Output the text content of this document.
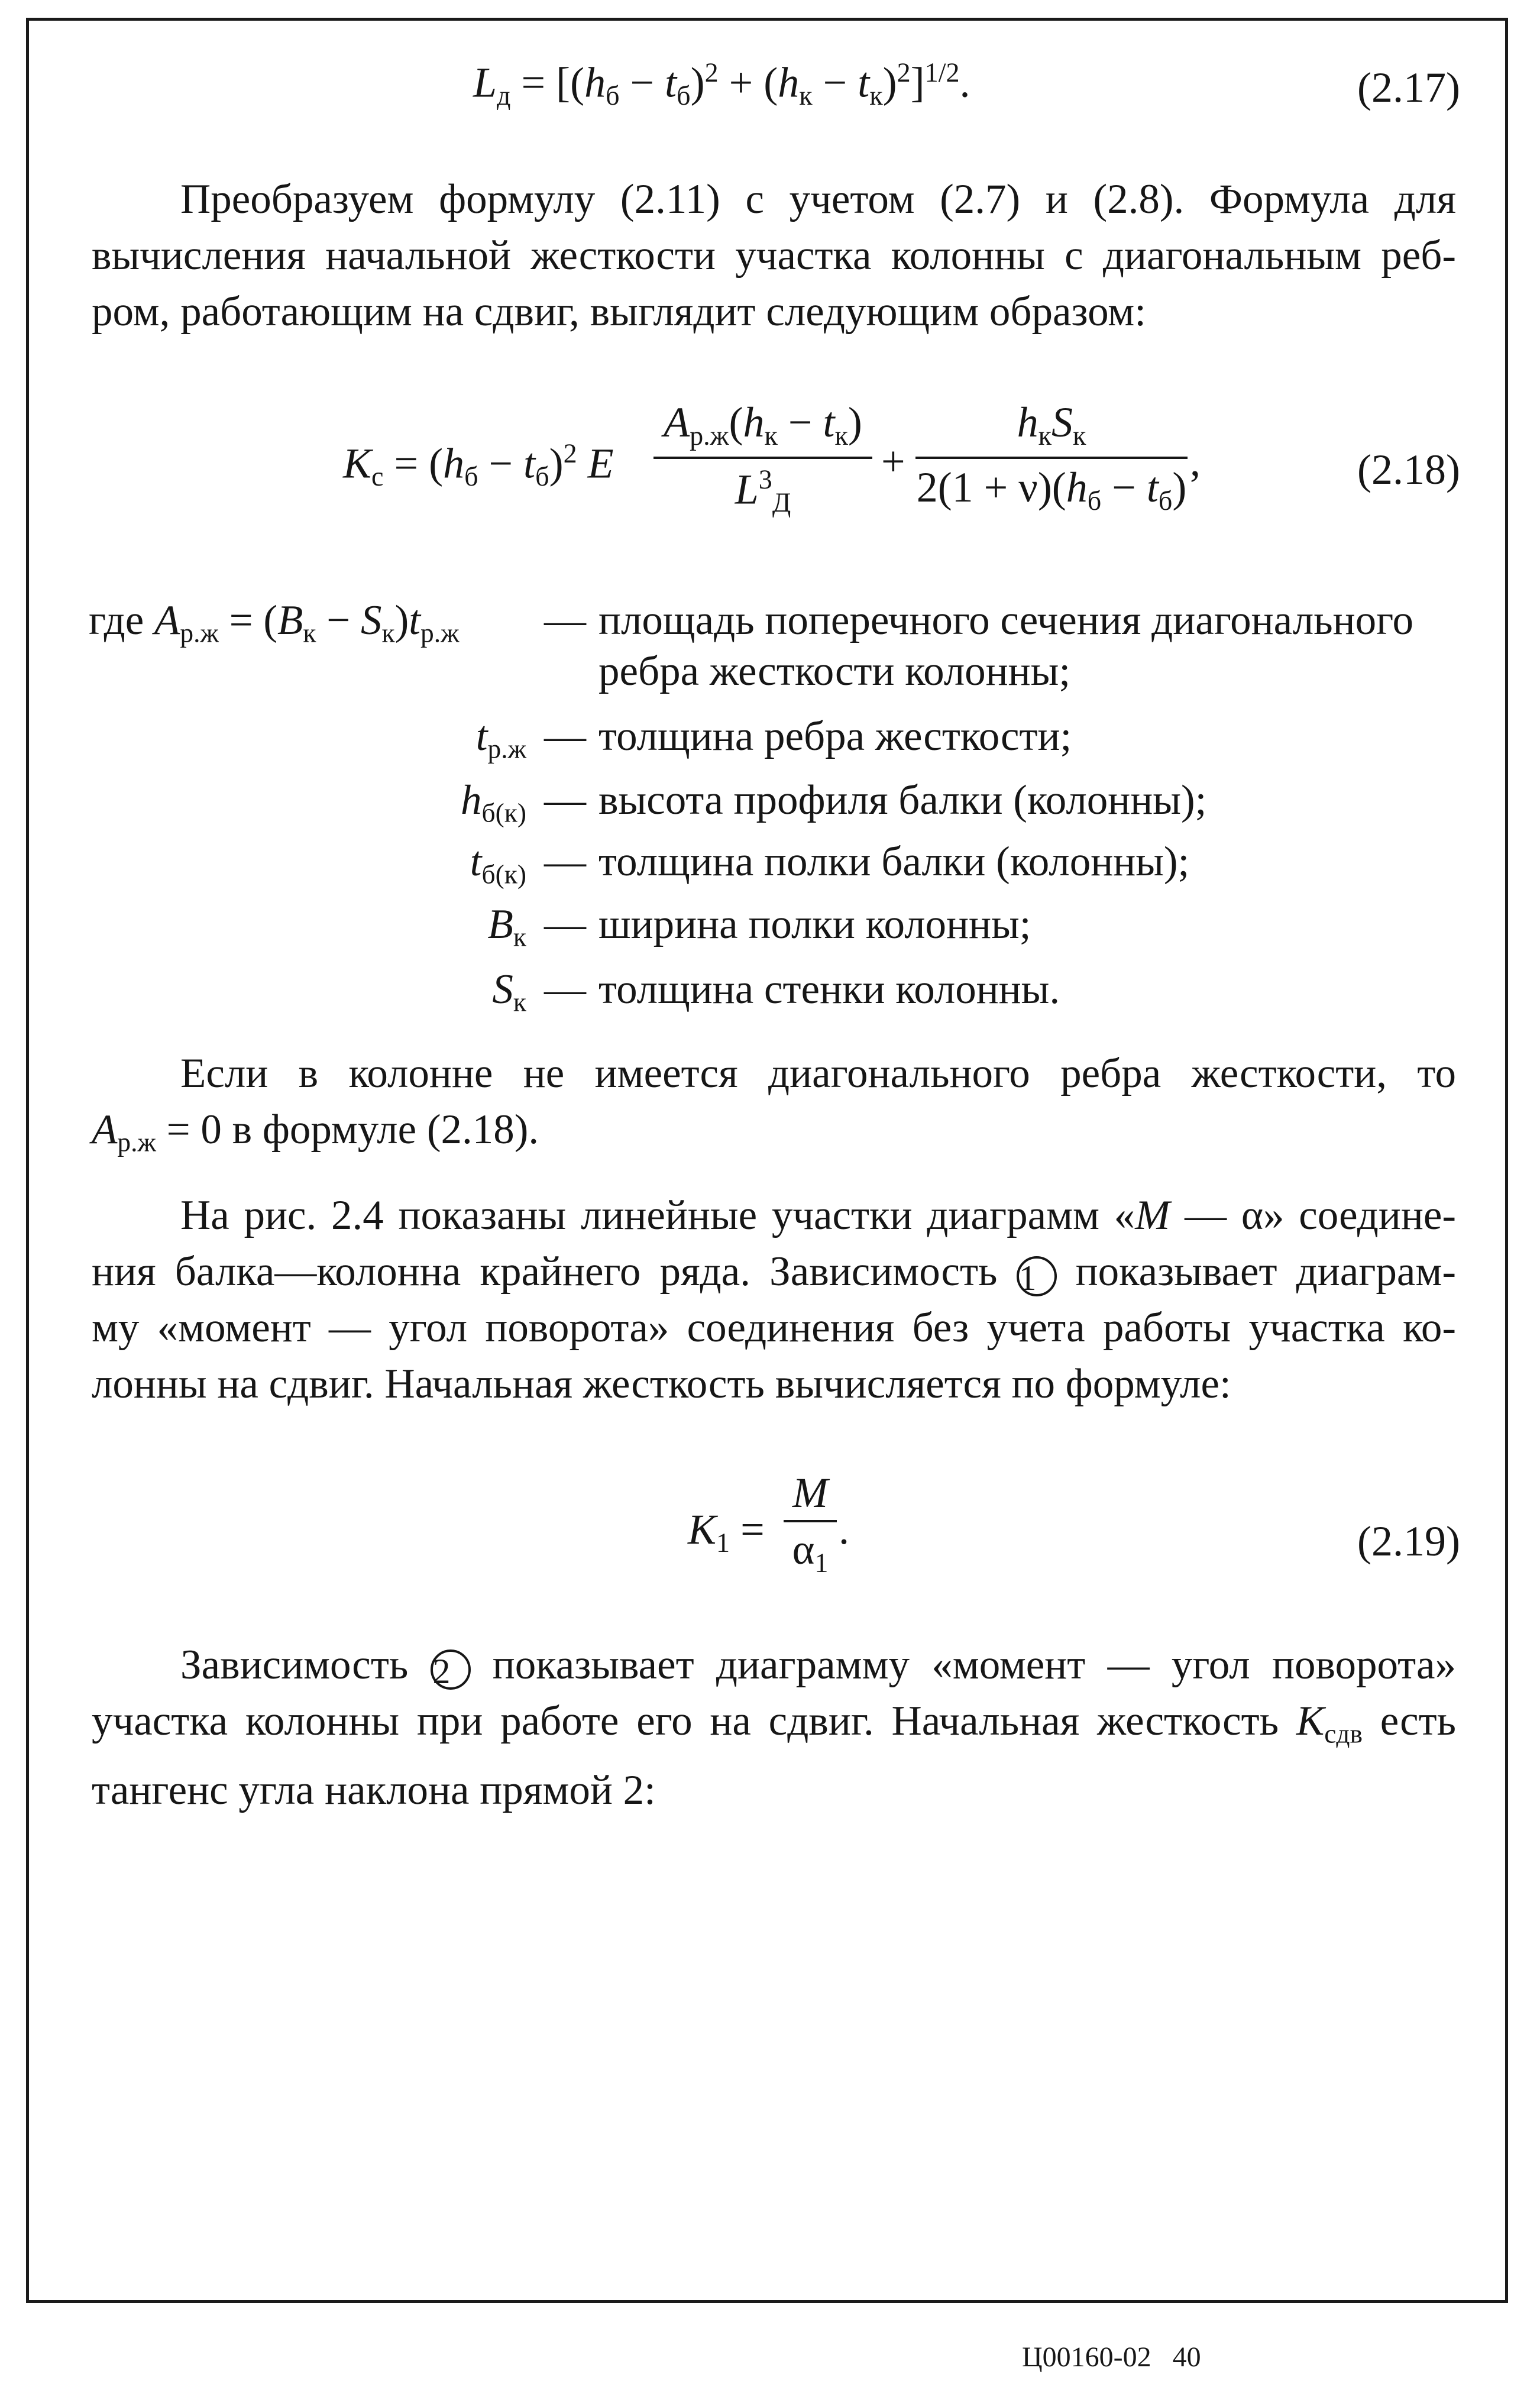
Lд = $[(hб - tб)^2 + (hк - tк)^2]^{1/2}$.	(2.17)
Преобразуем формулу (2.11) с учетом (2.7) и (2.8). Формула для
вычисления начальной жесткости участка колонны с диагональным реб-
ром, работающим на сдвиг, выглядит следующим образом:
Kc = (hб − tб)$^2$ E
Aр.ж(hк − tк)
$L^3Д$
+
hкSк
2(1 + ν)(hб − tб)
,	(2.18)
где Aр.ж = (Bк − Sк)tр.ж — площадь поперечного сечения диагонального
ребра жесткости колонны;
tр.ж — толщина ребра жесткости;
hб(к) — высота профиля балки (колонны);
tб(к) — толщина полки балки (колонны);
Bк — ширина полки колонны;
Sк — толщина стенки колонны.
Если в колонне не имеется диагонального ребра жесткости, то
Aр.ж = 0 в формуле (2.18).
На рис. 2.4 показаны линейные участки диаграмм «M — α» соедине-
ния балка—колонна крайнего ряда. Зависимость 1 показывает диаграм-
му «момент — угол поворота» соединения без учета работы участка ко-
лонны на сдвиг. Начальная жесткость вычисляется по формуле:
K1 =
M
α1
.	(2.19)
Зависимость 2 показывает диаграмму «момент — угол поворота»
участка колонны при работе его на сдвиг. Начальная жесткость Kсдв есть
тангенс угла наклона прямой 2:
Ц00160-02 40
